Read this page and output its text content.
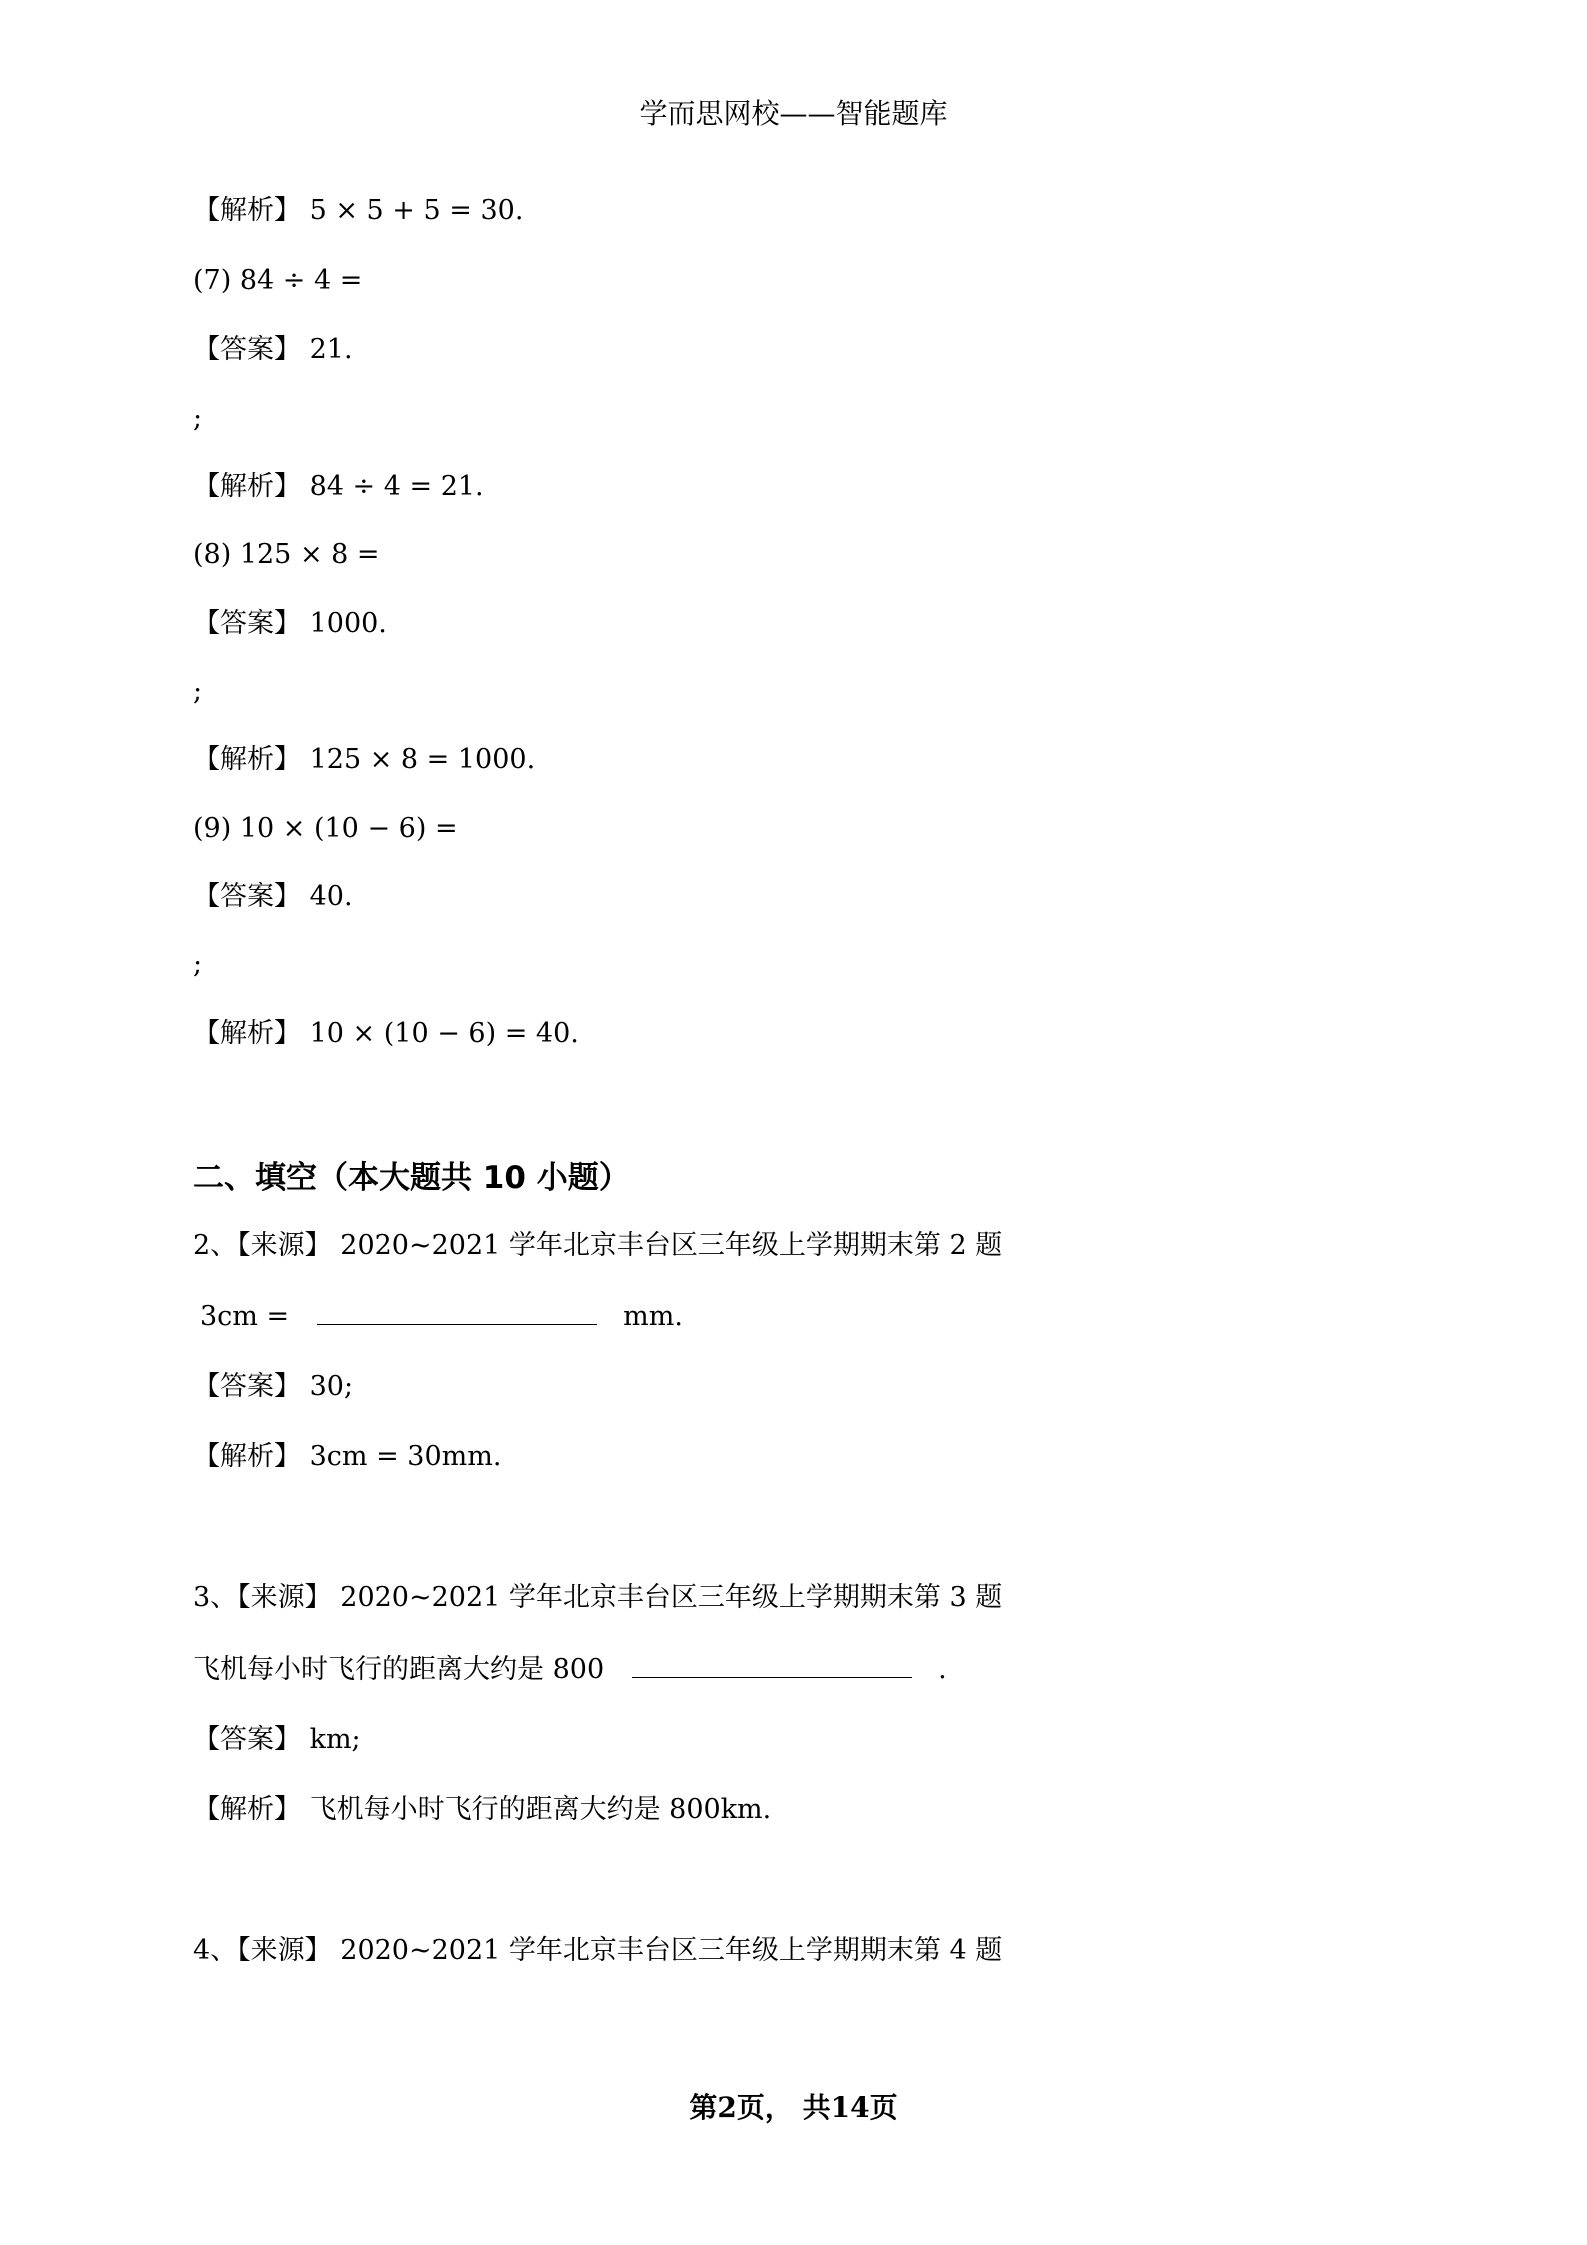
学而思网校——智能题库
【解析】 5 × 5 + 5 = 30.
(7) 84 ÷ 4 =
【答案】 21.
;
【解析】 84 ÷ 4 = 21.
(8) 125 × 8 =
【答案】 1000.
;
【解析】 125 × 8 = 1000.
(9) 10 × (10 − 6) =
【答案】 40.
;
【解析】 10 × (10 − 6) = 40.
二、填空（本大题共 10 小题）
2、【来源】 2020~2021 学年北京丰台区三年级上学期期末第 2 题
3cm =	mm.
【答案】 30;
【解析】 3cm = 30mm.
3、【来源】 2020~2021 学年北京丰台区三年级上学期期末第 3 题
飞机每小时飞行的距离大约是 800	.
【答案】 km;
【解析】 飞机每小时飞行的距离大约是 800km.
4、【来源】 2020~2021 学年北京丰台区三年级上学期期末第 4 题
第2页， 共14页
